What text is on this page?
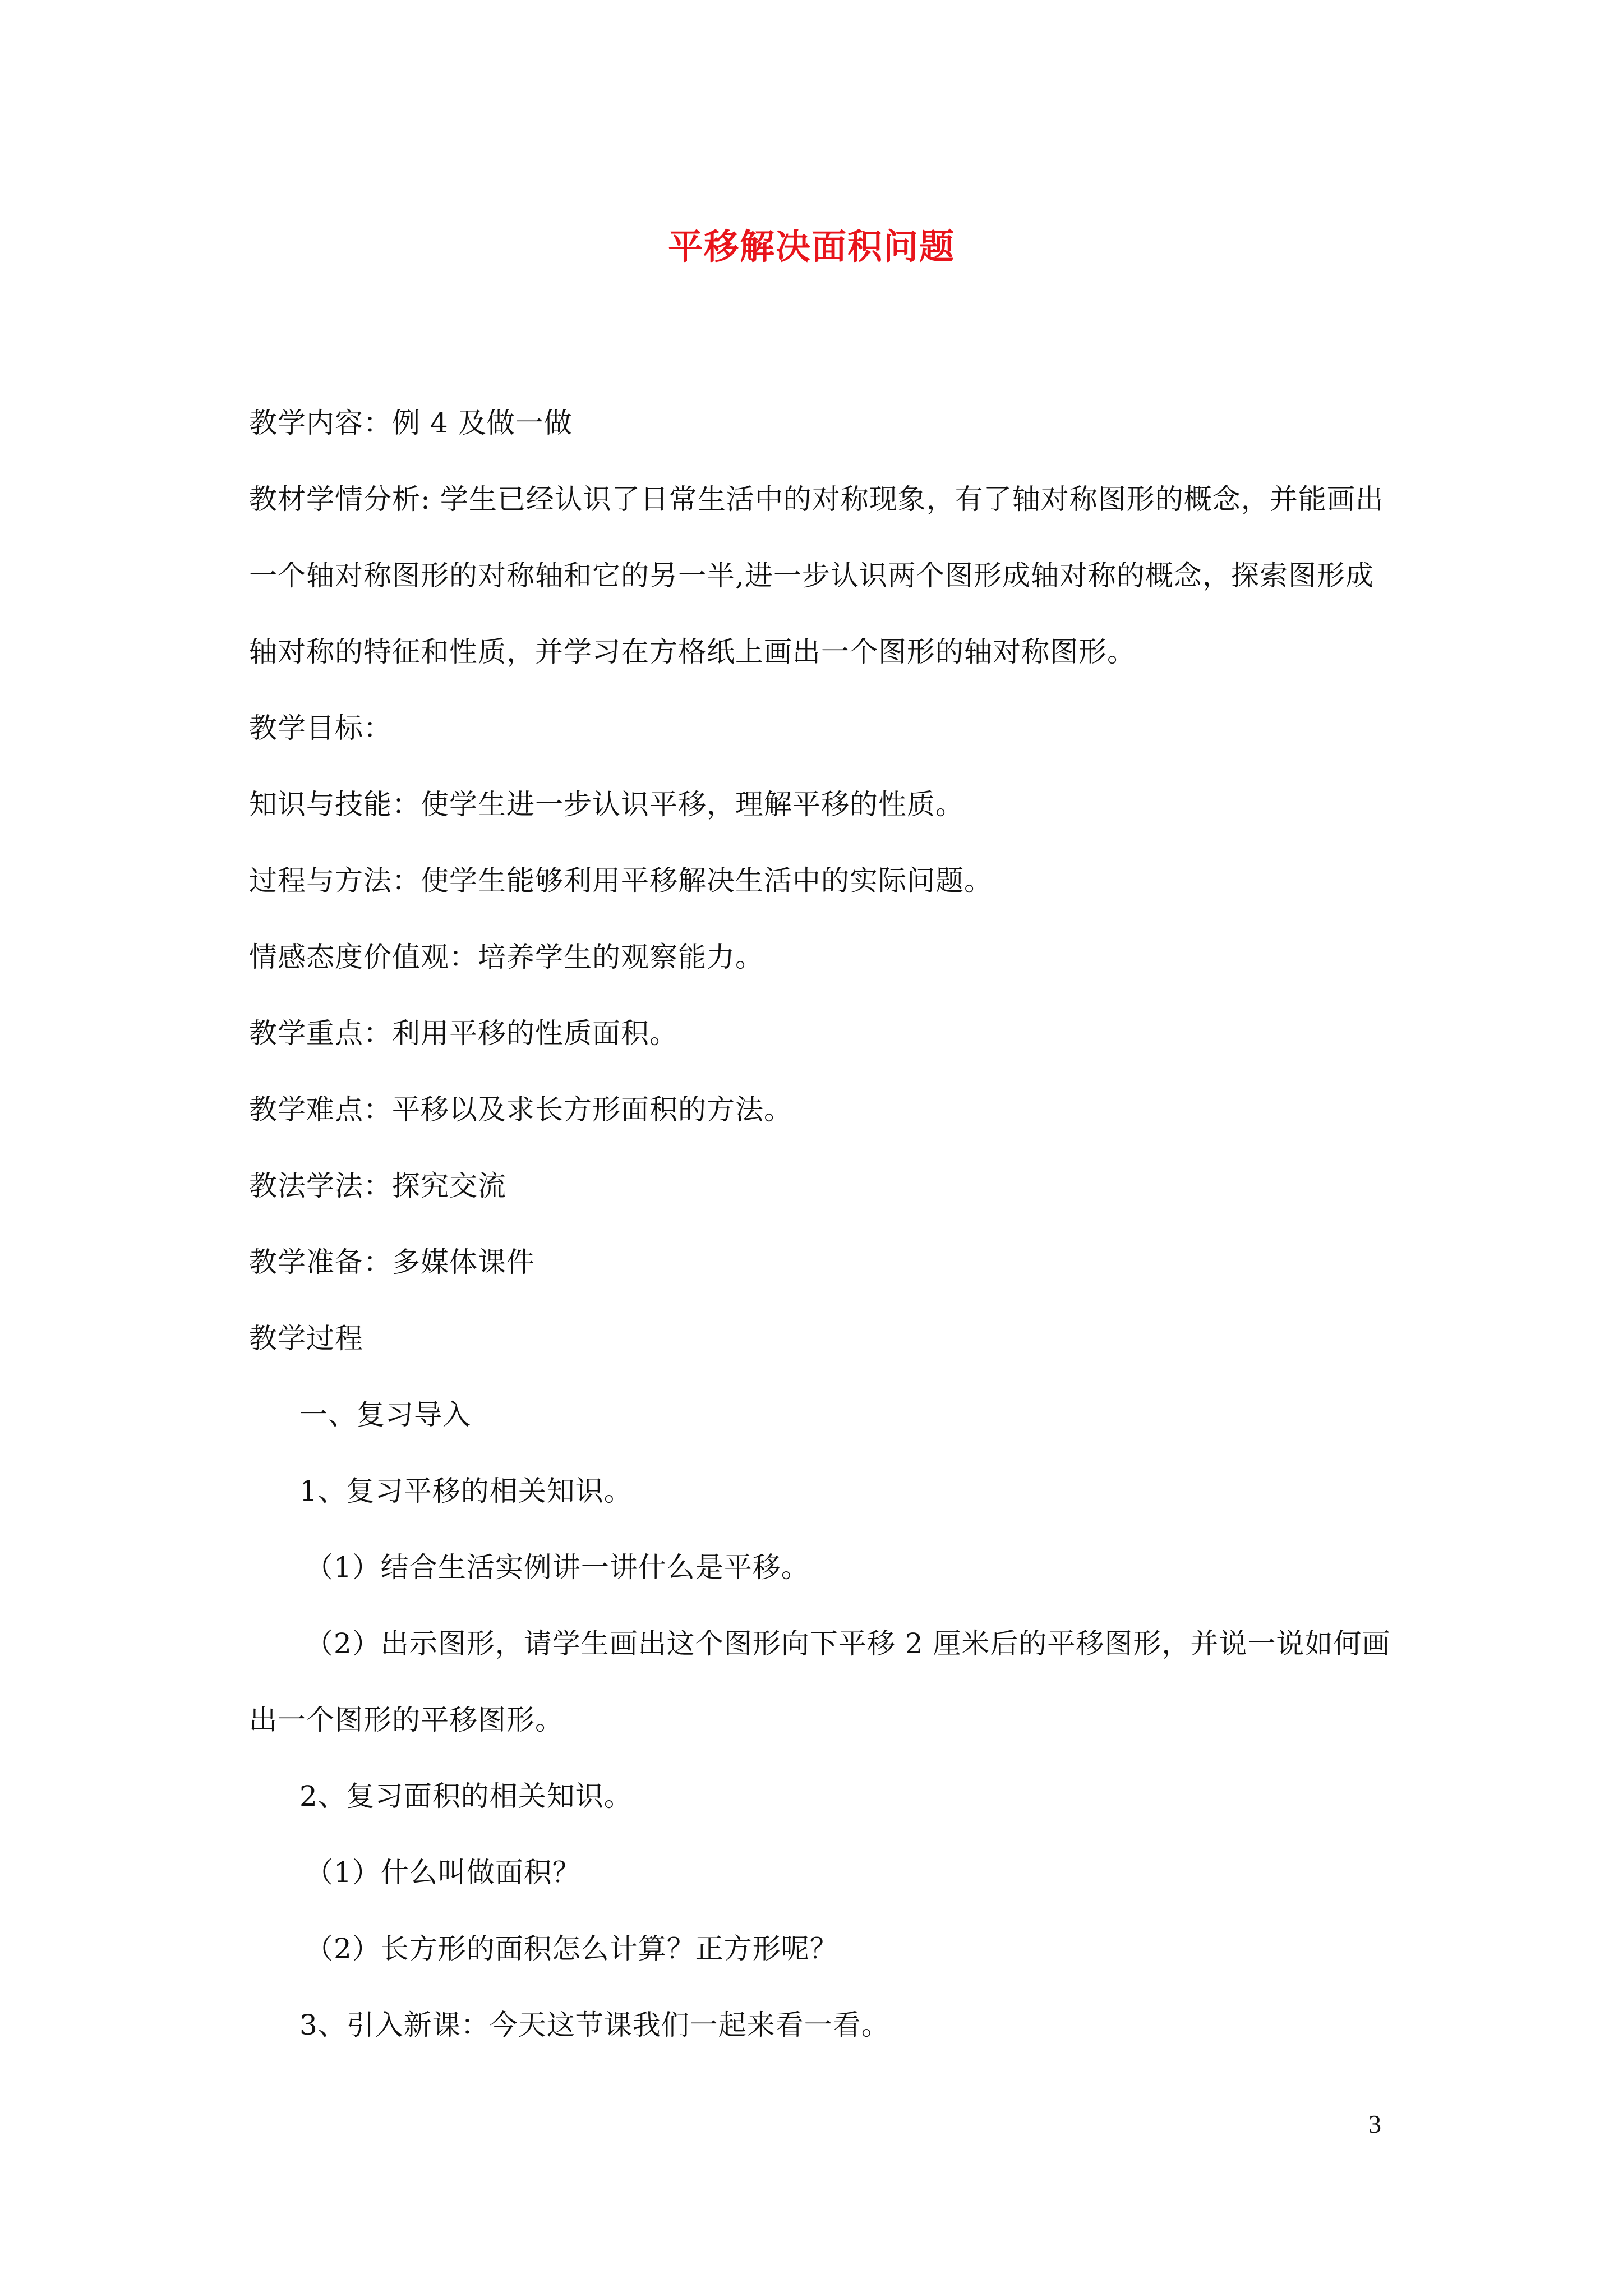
平移解决面积问题
教学内容：例 4 及做一做
教材学情分析: 学生已经认识了日常生活中的对称现象，有了轴对称图形的概念，并能画出
一个轴对称图形的对称轴和它的另一半,进一步认识两个图形成轴对称的概念，探索图形成
轴对称的特征和性质，并学习在方格纸上画出一个图形的轴对称图形。
教学目标：
知识与技能：使学生进一步认识平移，理解平移的性质。
过程与方法：使学生能够利用平移解决生活中的实际问题。
情感态度价值观：培养学生的观察能力。
教学重点：利用平移的性质面积。
教学难点：平移以及求长方形面积的方法。
教法学法：探究交流
教学准备：多媒体课件
教学过程
一、复习导入
1、复习平移的相关知识。
（1）结合生活实例讲一讲什么是平移。
（2）出示图形，请学生画出这个图形向下平移 2 厘米后的平移图形，并说一说如何画
出一个图形的平移图形。
2、复习面积的相关知识。
（1）什么叫做面积？
（2）长方形的面积怎么计算？正方形呢？
3、引入新课：今天这节课我们一起来看一看。
3
